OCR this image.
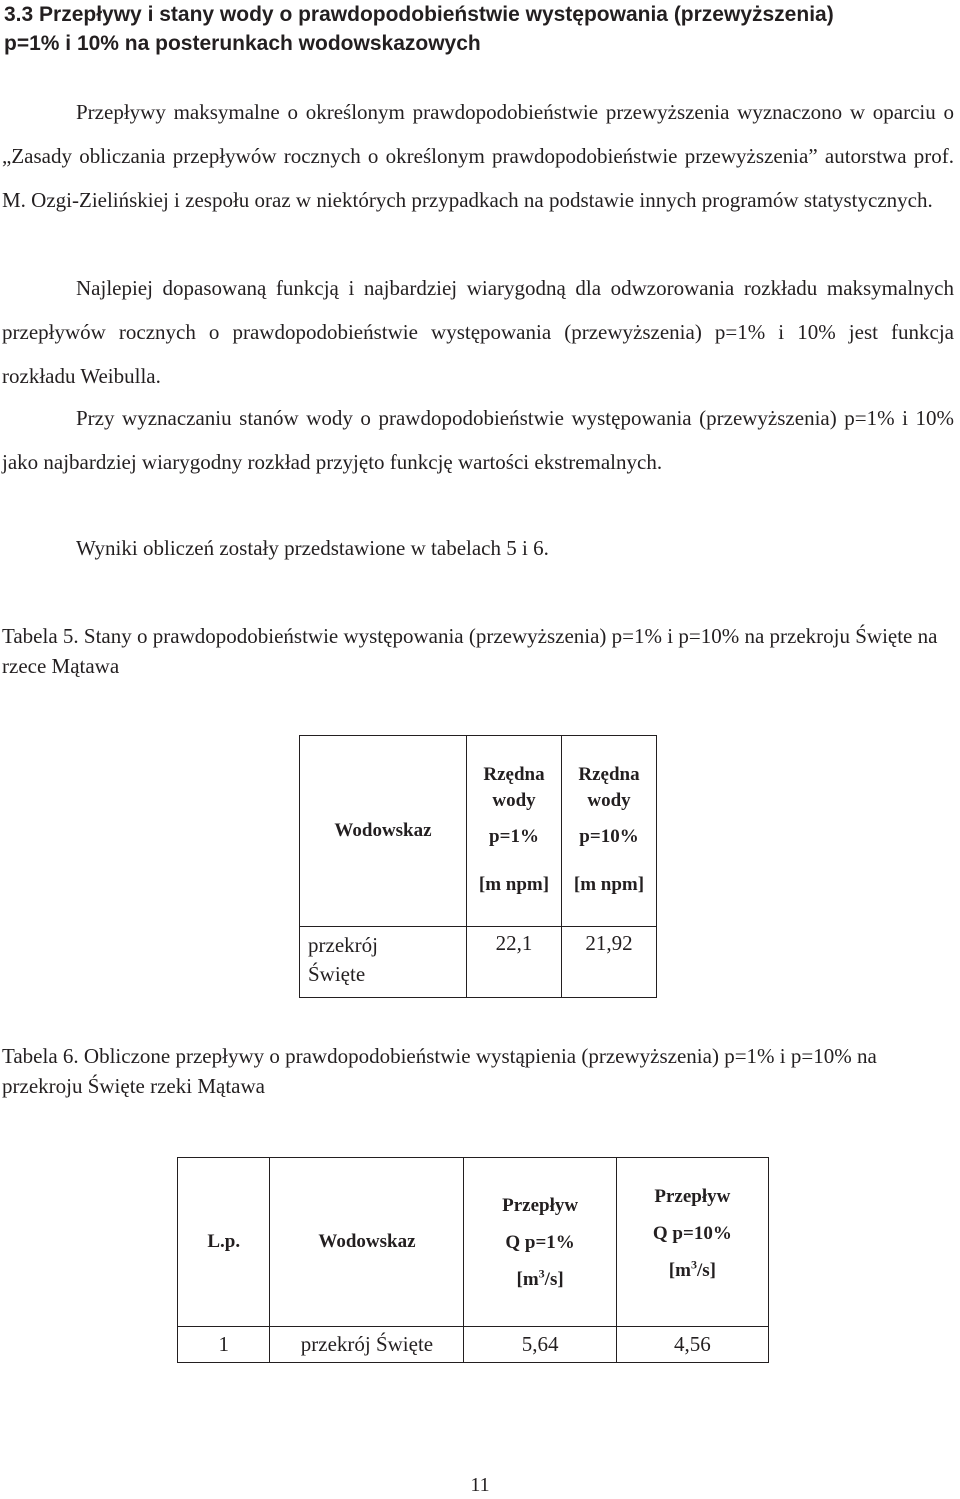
3.3 Przepływy i stany wody o prawdopodobieństwie występowania (przewyższenia)
p=1% i 10% na posterunkach wodowskazowych

Przepływy maksymalne o określonym prawdopodobieństwie przewyższenia wyznaczono w oparciu o „Zasady obliczania przepływów rocznych o określonym prawdopodobieństwie przewyższenia” autorstwa prof. M. Ozgi-Zielińskiej i zespołu oraz w niektórych przypadkach na podstawie innych programów statystycznych.

Najlepiej dopasowaną funkcją i najbardziej wiarygodną dla odwzorowania rozkładu maksymalnych przepływów rocznych o prawdopodobieństwie występowania (przewyższenia) p=1% i 10% jest funkcja rozkładu Weibulla.

Przy wyznaczaniu stanów wody o prawdopodobieństwie występowania (przewyższenia) p=1% i 10% jako najbardziej wiarygodny rozkład przyjęto funkcję wartości ekstremalnych.

Wyniki obliczeń zostały przedstawione w tabelach 5 i 6.

Tabela 5. Stany o prawdopodobieństwie występowania (przewyższenia) p=1% i p=10% na przekroju Święte na rzece Mątawa

Wodowskaz	Rzędna
wody
p=1%
[m npm]	Rzędna
wody
p=10%
[m npm]

przekrój
Święte	22,1	21,92

Tabela 6. Obliczone przepływy o prawdopodobieństwie wystąpienia (przewyższenia) p=1% i p=10% na przekroju Święte rzeki Mątawa

L.p.	Wodowskaz	Przepływ
Q p=1%
$[m^3/s]$	Przepływ
Q p=10%
$[m^3/s]$

1	przekrój Święte	5,64	4,56
11
